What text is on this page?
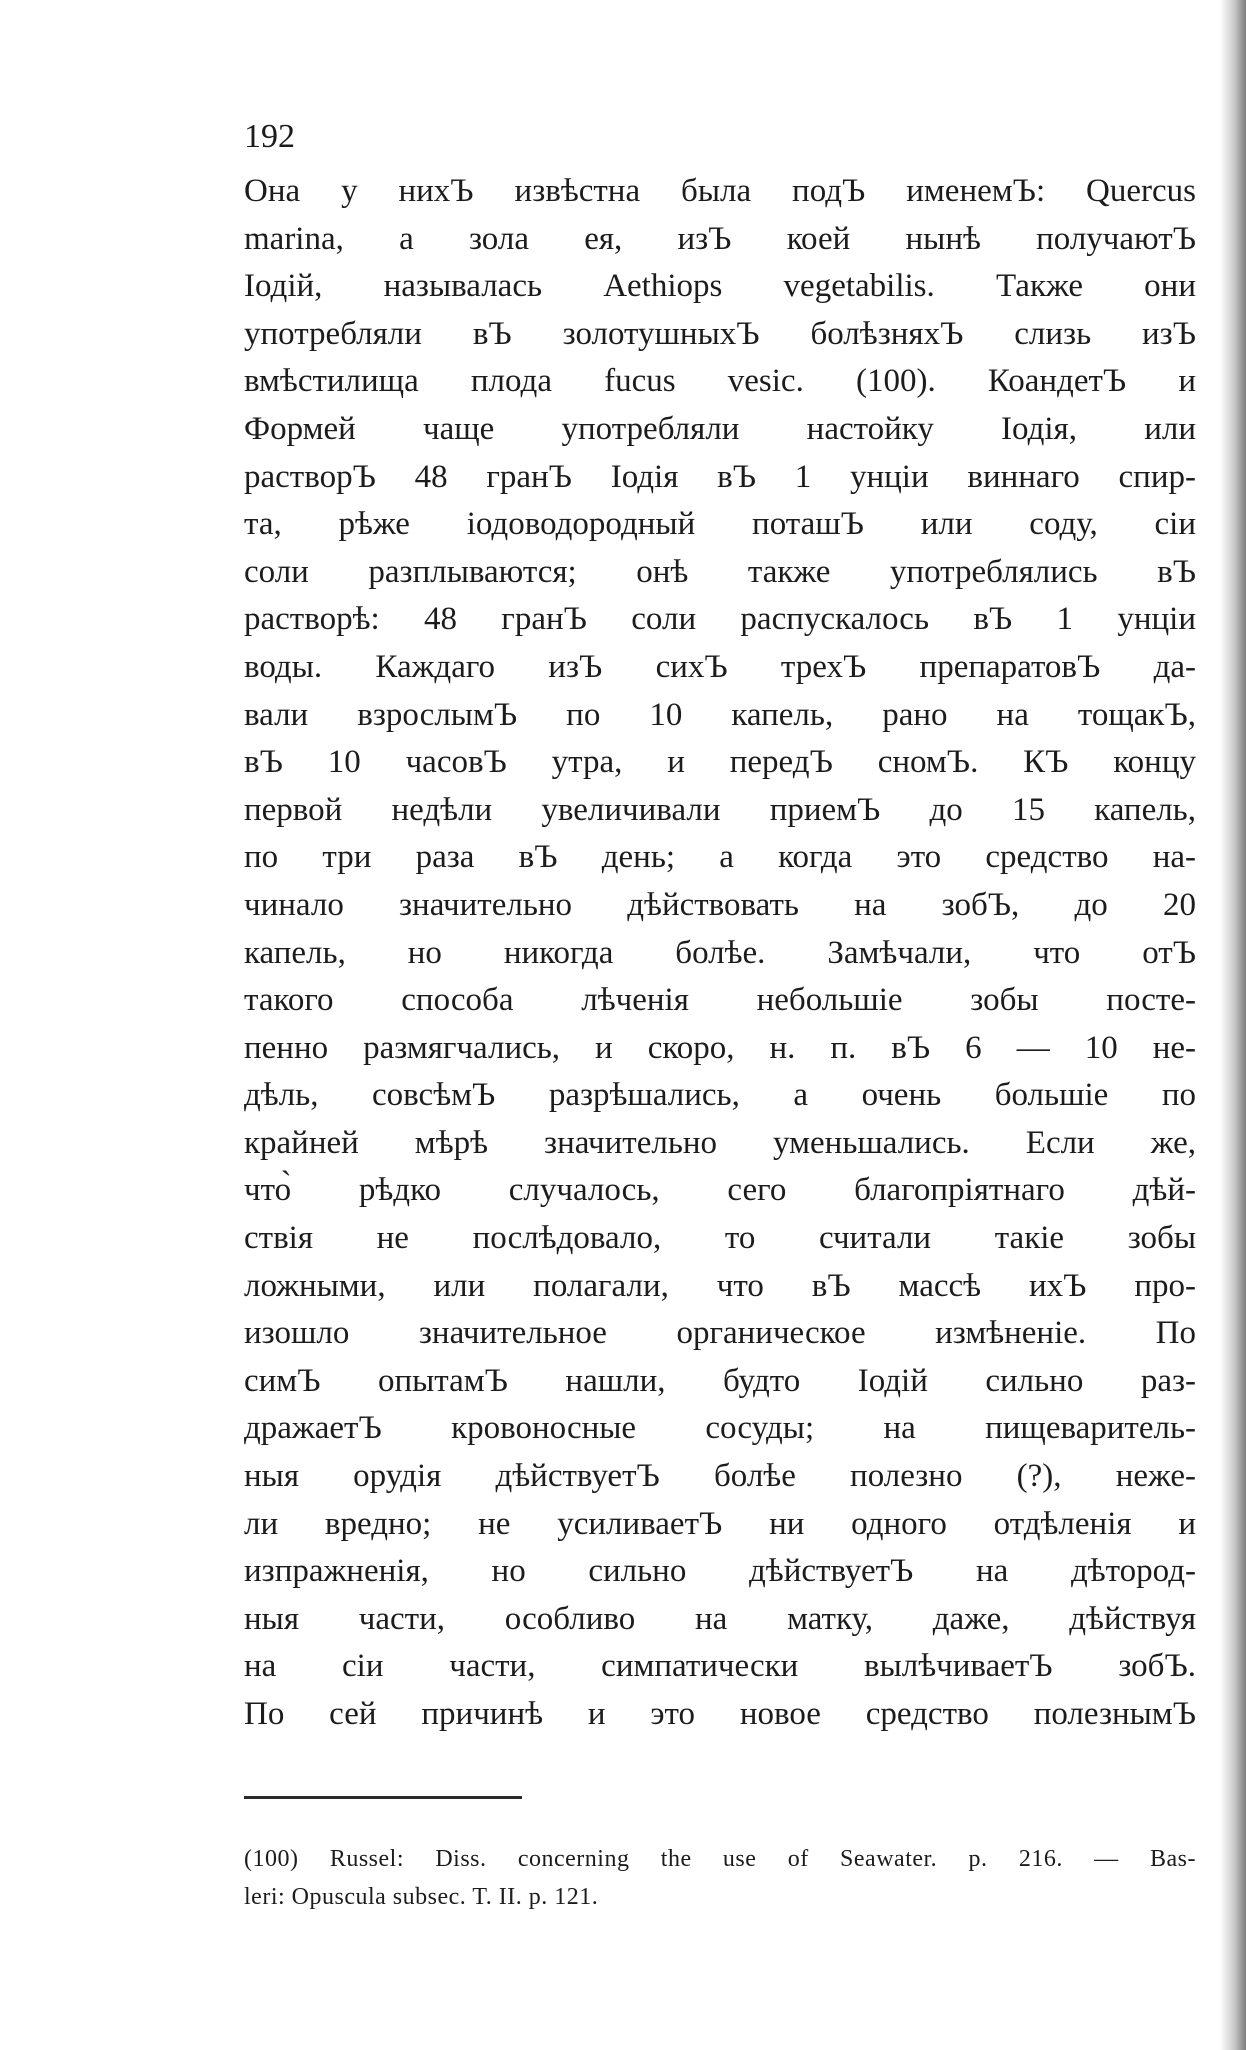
192
Она у нихЪ извѣстна была подЪ именемЪ: Quercus
marina, а зола ея, изЪ коей нынѣ получаютЪ
Іодій, называлась Aethiops vegetabilis. Также они
употребляли вЪ золотушныхЪ болѣзняхЪ слизь изЪ
вмѣстилища плода fucus vesic. (100). КоандетЪ и
Формей чаще употребляли настойку Іодія, или
растворЪ 48 гранЪ Іодія вЪ 1 унціи виннаго спир-
та, рѣже іодоводородный поташЪ или соду, сіи
соли разплываются; онѣ также употреблялись вЪ
растворѣ: 48 гранЪ соли распускалось вЪ 1 унціи
воды. Каждаго изЪ сихЪ трехЪ препаратовЪ да-
вали взрослымЪ по 10 капель, рано на тощакЪ,
вЪ 10 часовЪ утра, и передЪ сномЪ. КЪ концу
первой недѣли увеличивали приемЪ до 15 капель,
по три раза вЪ день; а когда это средство на-
чинало значительно дѣйствовать на зобЪ, до 20
капель, но никогда болѣе. Замѣчали, что отЪ
такого способа лѣченія небольшіе зобы посте-
пенно размягчались, и скоро, н. п. вЪ 6 — 10 не-
дѣль, совсѣмЪ разрѣшались, а очень большіе по
крайней мѣрѣ значительно уменьшались. Если же,
что̀ рѣдко случалось, сего благопріятнаго дѣй-
ствія не послѣдовало, то считали такіе зобы
ложными, или полагали, что вЪ массѣ ихЪ про-
изошло значительное органическое измѣненіе. По
симЪ опытамЪ нашли, будто Іодій сильно раз-
дражаетЪ кровоносные сосуды; на пищеваритель-
ныя орудія дѣйствуетЪ болѣе полезно (?), неже-
ли вредно; не усиливаетЪ ни одного отдѣленія и
изпражненія, но сильно дѣйствуетЪ на дѣтород-
ныя части, особливо на матку, даже, дѣйствуя
на сіи части, симпатически вылѣчиваетЪ зобЪ.
По сей причинѣ и это новое средство полезнымЪ
(100) Russel: Diss. concerning the use of Seawater. p. 216. — Bas-
leri: Opuscula subsec. T. II. p. 121.
